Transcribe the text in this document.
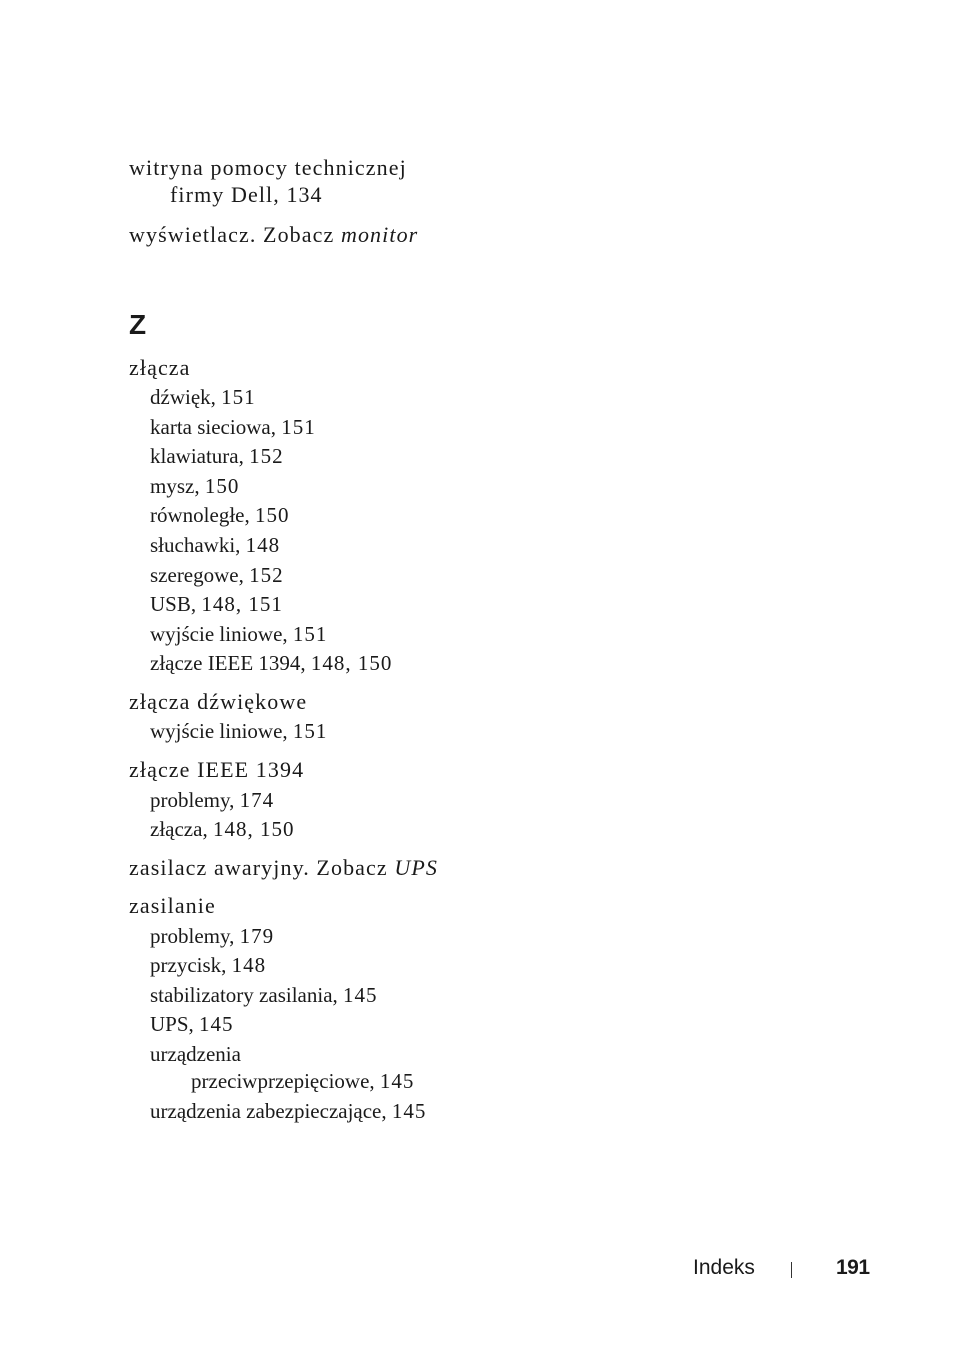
witryna pomocy technicznej
firmy Dell, 134
wyświetlacz. Zobacz monitor
Z
złącza
dźwięk, 151
karta sieciowa, 151
klawiatura, 152
mysz, 150
równoległe, 150
słuchawki, 148
szeregowe, 152
USB, 148, 151
wyjście liniowe, 151
złącze IEEE 1394, 148, 150
złącza dźwiękowe
wyjście liniowe, 151
złącze IEEE 1394
problemy, 174
złącza, 148, 150
zasilacz awaryjny. Zobacz UPS
zasilanie
problemy, 179
przycisk, 148
stabilizatory zasilania, 145
UPS, 145
urządzenia
przeciwprzepięciowe, 145
urządzenia zabezpieczające, 145
Indeks	191
